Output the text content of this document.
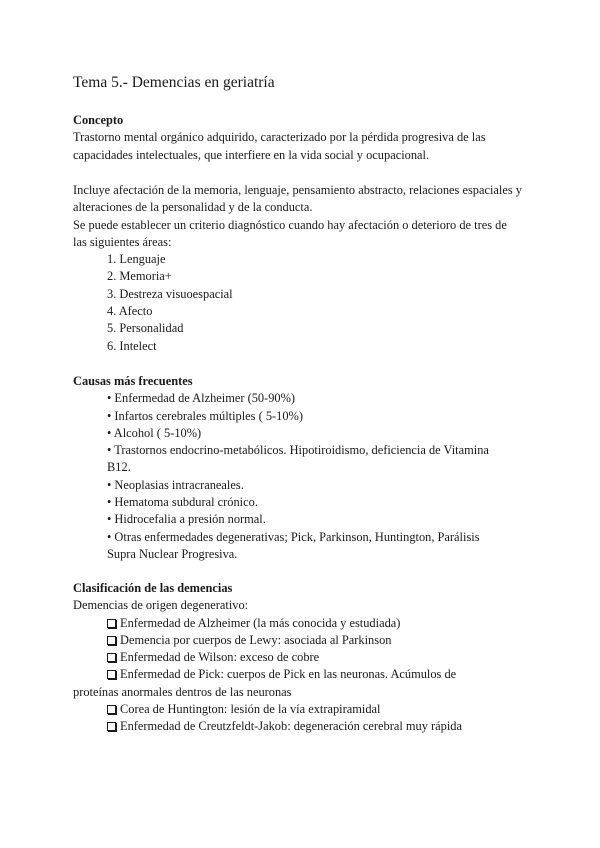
Tema 5.- Demencias en geriatría
Concepto
Trastorno mental orgánico adquirido, caracterizado por la pérdida progresiva de las capacidades intelectuales, que interfiere en la vida social y ocupacional.
Incluye afectación de la memoria, lenguaje, pensamiento abstracto, relaciones espaciales y alteraciones de la personalidad y de la conducta.
Se puede establecer un criterio diagnóstico cuando hay afectación o deterioro de tres de las siguientes áreas:
1. Lenguaje
2. Memoria+
3. Destreza visuoespacial
4. Afecto
5. Personalidad
6. Intelect
Causas más frecuentes
• Enfermedad de Alzheimer (50-90%)
• Infartos cerebrales múltiples ( 5-10%)
• Alcohol ( 5-10%)
• Trastornos endocrino-metabólicos. Hipotiroidismo, deficiencia de Vitamina
B12.
• Neoplasias intracraneales.
• Hematoma subdural crónico.
• Hidrocefalia a presión normal.
• Otras enfermedades degenerativas; Pick, Parkinson, Huntington, Parálisis
Supra Nuclear Progresiva.
Clasificación de las demencias
Demencias de origen degenerativo:
Enfermedad de Alzheimer (la más conocida y estudiada)
Demencia por cuerpos de Lewy: asociada al Parkinson
Enfermedad de Wilson: exceso de cobre
Enfermedad de Pick: cuerpos de Pick en las neuronas. Acúmulos de
proteínas anormales dentros de las neuronas
Corea de Huntington: lesión de la vía extrapiramidal
Enfermedad de Creutzfeldt-Jakob: degeneración cerebral muy rápida
